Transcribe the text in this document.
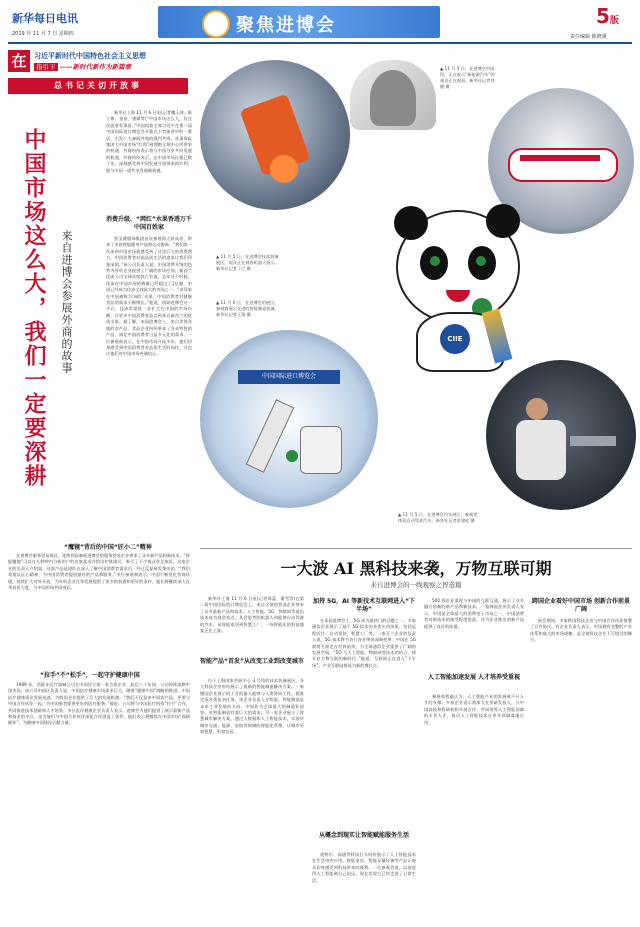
新华每日电讯
2019 年 11 月 7 日 星期四	聚焦进博会	5版
责任编辑 陈晓溪
在	习近平新时代中国特色社会主义思想
指引下 ——新时代新作为新篇章
总书记关切开放事

新华社上海 11 月 6 日电(记者魏玉坤、陈立彬、金良、唐斌等)“中国市场这么大，仅这次就要有事看。”中国国家主席习近平在第二届中国国际进口博览会开幕式主旨演讲中的一番话，引发广大参展外商的强烈共鸣。从事保险集团大中国市场“红利”到拥抱全球中心所带来的机遇，外商纷纷表示将与中国分享共同发展的机遇，外商纷纷表示，在中国市场扎根已数十年，深刻感受到中国发展开放带来的红利，愿与中国一道共享发展新机遇。

中国市场这么大，我们一定要深耕 来自进博会参展外商的故事
消费升级、“网红”水果香透万千中国百姓家

凯圣澳服饰集团首次参展即大获成功，带来了多款智能健身产品和运动服饰。“我们第一次来到中国市场就感受到了这里巨大的消费潜力，中国消费者对高品质生活的追求让我们印象深刻。”该公司负责人说，中国消费升级的趋势为外资企业提供了广阔的市场空间。新西兰佳沛公司全球首席执行官说，去年这个时候，佳沛在中国市场的销量已经超过了1亿箱，中国已经成为佳沛全球最大的市场之一。“奇异果在中国被称为‘网红’水果，中国消费者对健康食品的需求不断增长。”他说，借助进博会这一平台，佳沛希望进一步扩大在中国的市场份额，让更多中国消费者品尝到来自新西兰的优质水果。据了解，本届进博会上，来自世界各地的农产品、食品企业纷纷带来了各具特色的产品，满足中国消费者日益多元化的需求。一位参展商表示，在中国市场开拓多年，他们切身感受到中国消费者对品质生活的向往，这也让他们对中国市场充满信心。

“魔镜”背后的中国“匠小二”精神

在进博会服务贸易展区，连续两届参展进博会的服务贸易企业带来了众多新产品和新技术。“智能魔镜”可以在几秒钟内分析用户的皮肤状况并给出护肤建议，吸引了不少观众驻足体验。这家企业的负责人介绍说，这款产品是团队在深入了解中国消费者需求后，经过反复研发推出的。“我们希望以匠心精神，为中国消费者提供最好的产品和服务。”多位参展商表示，中国不断优化营商环境，持续扩大对外开放，为外资企业在华发展提供了更多的机遇和更好的条件。他们将继续加大在华投资力度，与中国市场共同成长。

“拉手”不“松手”，一起守护健康中国

1989 年，西班牙医疗器械公司在中国设立第一家合资企业，此后三十年间，公司持续深耕中国市场。该公司中国区负责人说，中国医疗健康市场需求巨大，随着“健康中国”战略的推进，中国医疗健康事业发展迅速，为跨国企业提供了巨大的发展机遇。“我们不仅是来中国卖产品，更要与中国合作伙伴一起，为中国患者提供更好的医疗服务。”他说，公司将与中国医疗机构“拉手”合作，共同推进技术创新和人才培养。多位医疗健康企业负责人表示，进博会为他们提供了展示最新产品和技术的平台，也为他们与中国合作伙伴深化合作创造了条件。他们表示将继续在中国市场“深耕细作”，为健康中国建设贡献力量。

▲ 11 月 5 日，在进博会中国馆，正在展示“新能源汽车”的观众正在观看。新华社记者刘健 摄
CIIE
▲ 11 月 5 日，在进博会技术装备展区，观众正在观看机器人展示。新华社记者丁汀 摄
▲ 11 月 6 日，在进博会的展区，参展商展示先进的智能制造装备。新华社记者王翔 摄
中国国际进口博览会
▲ 11 月 5 日，在进博会汽车展区，参观者体验自动驾驶汽车。新华社记者张建松 摄
一大波 AI 黑科技来袭，万物互联可期
来自进博会的一线观察之智造篇

新华社上海 11 月 6 日电(记者周蕊、董雪等)在第二届中国国际进口博览会上，来自全球的智造企业带来了众多最新产品和技术，人工智能、5G、物联网等前沿技术成为展会亮点。从会思考的机器人到能够自动驾驶的汽车，从智能家居到智慧工厂，一场智能化的科技盛宴正在上演。

智能产品“首发”从改变工业到改变城市

位于上海国家会展中心 3 号馆的技术装备展区，各大科技企业纷纷展示了最新的智能制造解决方案。一家德国企业展示的工业机器人能够与人类协同工作，精准完成各类复杂任务。该企业负责人介绍说，智能制造是未来工业发展的方向，中国作为全球最大的制造业国家，对智能制造有着巨大的需求。另一家企业展示了智慧城市解决方案，通过大数据和人工智能技术，实现对城市交通、能源、安防等领域的智能化管理，让城市更加智慧、更加宜居。

加持 5G，AI 等新技术互联网进入“下半场”

在本届进博会上，5G 成为最热门的话题之一。多家通信企业展示了基于 5G 技术的各类应用场景，包括远程医疗、自动驾驶、智慧工厂等。一家芬兰企业的负责人说，5G 技术将为各行各业带来深刻变革，中国在 5G 商用方面走在世界前列，为全球通信企业提供了广阔的发展空间。“5G 与人工智能、物联网等技术的结合，将开启万物互联的新时代。”他说，互联网正在进入“下半场”，产业互联网将成为新的增长点。

从概念到现实让智能赋能服务生活

英特尔、高通等科技巨头纷纷展示了人工智能技术在生活中的应用。智能家居、智能穿戴设备等产品让观众切身感受到科技带来的便利。一位参观者说，以前觉得人工智能离自己很远，现在发现它已经走进了日常生活。

500 强企业重视与中国的互联互通，展示了众多融合创新的新产品和新技术。一家韩国企业负责人表示，中国是全球最大的消费电子市场之一，中国消费者对新技术的接受程度很高，这为企业推出创新产品提供了良好的环境。

人工智能加速发展 人才培养受重视

参展商普遍认为，人工智能产业的发展离不开人才的支撑。多家企业表示将加大在华研发投入，与中国高校和科研机构开展合作，共同培养人工智能领域的专业人才，推动人工智能技术在更多领域落地应用。

跨国企业看好中国市场 创新合作前景广阔

展会期间，多家跨国科技企业与中国合作伙伴签署了合作协议。有企业负责人表示，中国拥有完整的产业体系和庞大的市场规模，是全球科技企业不可错过的舞台。
